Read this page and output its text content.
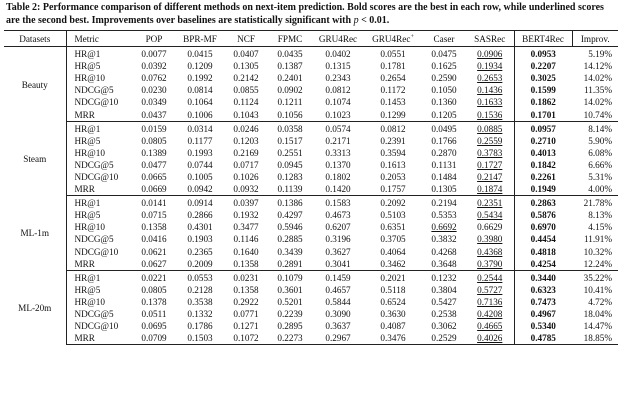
Table 2: Performance comparison of different methods on next-item prediction. Bold scores are the best in each row, while underlined scores are the second best. Improvements over baselines are statistically significant with p < 0.01.
Datasets	Metric	POP	BPR-MF	NCF	FPMC	GRU4Rec	GRU4Rec+	Caser	SASRec	BERT4Rec	Improv.
Beauty	HR@1	0.0077	0.0415	0.0407	0.0435	0.0402	0.0551	0.0475	0.0906	0.0953	5.19%
	HR@5	0.0392	0.1209	0.1305	0.1387	0.1315	0.1781	0.1625	0.1934	0.2207	14.12%
	HR@10	0.0762	0.1992	0.2142	0.2401	0.2343	0.2654	0.2590	0.2653	0.3025	14.02%
	NDCG@5	0.0230	0.0814	0.0855	0.0902	0.0812	0.1172	0.1050	0.1436	0.1599	11.35%
	NDCG@10	0.0349	0.1064	0.1124	0.1211	0.1074	0.1453	0.1360	0.1633	0.1862	14.02%
	MRR	0.0437	0.1006	0.1043	0.1056	0.1023	0.1299	0.1205	0.1536	0.1701	10.74%
Steam	HR@1	0.0159	0.0314	0.0246	0.0358	0.0574	0.0812	0.0495	0.0885	0.0957	8.14%
	HR@5	0.0805	0.1177	0.1203	0.1517	0.2171	0.2391	0.1766	0.2559	0.2710	5.90%
	HR@10	0.1389	0.1993	0.2169	0.2551	0.3313	0.3594	0.2870	0.3783	0.4013	6.08%
	NDCG@5	0.0477	0.0744	0.0717	0.0945	0.1370	0.1613	0.1131	0.1727	0.1842	6.66%
	NDCG@10	0.0665	0.1005	0.1026	0.1283	0.1802	0.2053	0.1484	0.2147	0.2261	5.31%
	MRR	0.0669	0.0942	0.0932	0.1139	0.1420	0.1757	0.1305	0.1874	0.1949	4.00%
ML-1m	HR@1	0.0141	0.0914	0.0397	0.1386	0.1583	0.2092	0.2194	0.2351	0.2863	21.78%
	HR@5	0.0715	0.2866	0.1932	0.4297	0.4673	0.5103	0.5353	0.5434	0.5876	8.13%
	HR@10	0.1358	0.4301	0.3477	0.5946	0.6207	0.6351	0.6692	0.6629	0.6970	4.15%
	NDCG@5	0.0416	0.1903	0.1146	0.2885	0.3196	0.3705	0.3832	0.3980	0.4454	11.91%
	NDCG@10	0.0621	0.2365	0.1640	0.3439	0.3627	0.4064	0.4268	0.4368	0.4818	10.32%
	MRR	0.0627	0.2009	0.1358	0.2891	0.3041	0.3462	0.3648	0.3790	0.4254	12.24%
ML-20m	HR@1	0.0221	0.0553	0.0231	0.1079	0.1459	0.2021	0.1232	0.2544	0.3440	35.22%
	HR@5	0.0805	0.2128	0.1358	0.3601	0.4657	0.5118	0.3804	0.5727	0.6323	10.41%
	HR@10	0.1378	0.3538	0.2922	0.5201	0.5844	0.6524	0.5427	0.7136	0.7473	4.72%
	NDCG@5	0.0511	0.1332	0.0771	0.2239	0.3090	0.3630	0.2538	0.4208	0.4967	18.04%
	NDCG@10	0.0695	0.1786	0.1271	0.2895	0.3637	0.4087	0.3062	0.4665	0.5340	14.47%
	MRR	0.0709	0.1503	0.1072	0.2273	0.2967	0.3476	0.2529	0.4026	0.4785	18.85%
